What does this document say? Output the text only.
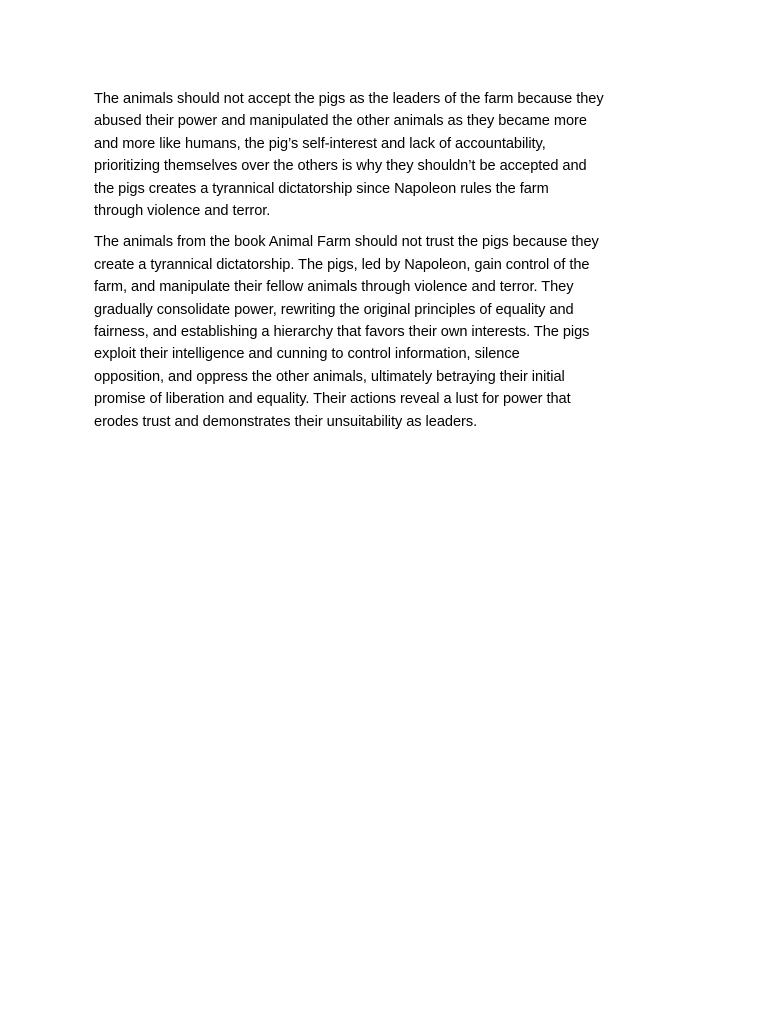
The animals should not accept the pigs as the leaders of the farm because they
abused their power and manipulated the other animals as they became more
and more like humans, the pig’s self-interest and lack of accountability,
prioritizing themselves over the others is why they shouldn’t be accepted and
the pigs creates a tyrannical dictatorship since Napoleon rules the farm
through violence and terror.

The animals from the book Animal Farm should not trust the pigs because they
create a tyrannical dictatorship. The pigs, led by Napoleon, gain control of the
farm, and manipulate their fellow animals through violence and terror. They
gradually consolidate power, rewriting the original principles of equality and
fairness, and establishing a hierarchy that favors their own interests. The pigs
exploit their intelligence and cunning to control information, silence
opposition, and oppress the other animals, ultimately betraying their initial
promise of liberation and equality. Their actions reveal a lust for power that
erodes trust and demonstrates their unsuitability as leaders.
